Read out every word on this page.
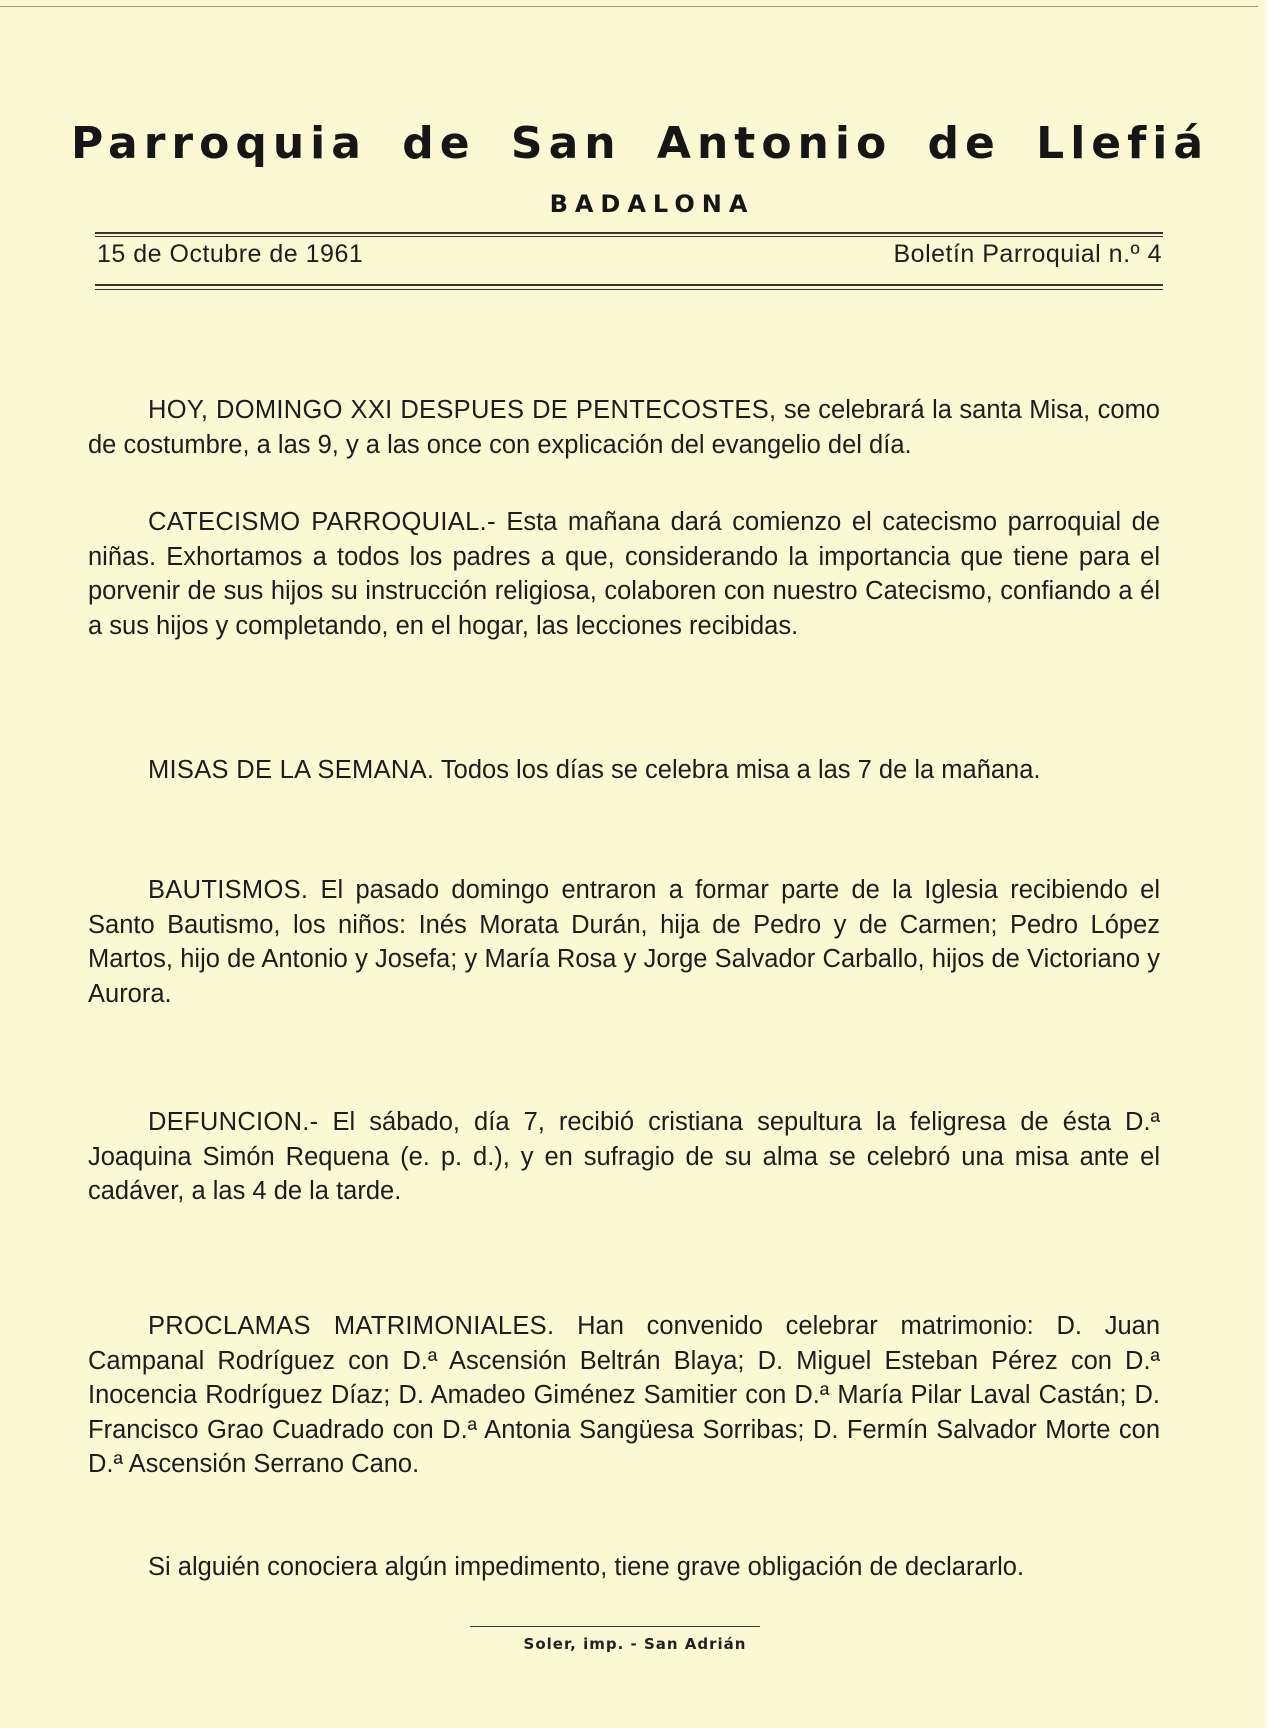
Parroquia de San Antonio de Llefiá
BADALONA
15 de Octubre de 1961	Boletín Parroquial n.º 4

HOY, DOMINGO XXI DESPUES DE PENTECOSTES, se celebrará la santa Misa, como de costumbre, a las 9, y a las once con explicación del evangelio del día.

CATECISMO PARROQUIAL.- Esta mañana dará comienzo el catecismo parroquial de niñas. Exhortamos a todos los padres a que, considerando la importancia que tiene para el porvenir de sus hijos su instrucción religiosa, colaboren con nuestro Catecismo, confiando a él a sus hijos y completando, en el hogar, las lecciones recibidas.

MISAS DE LA SEMANA. Todos los días se celebra misa a las 7 de la mañana.

BAUTISMOS. El pasado domingo entraron a formar parte de la Iglesia recibiendo el Santo Bautismo, los niños: Inés Morata Durán, hija de Pedro y de Carmen; Pedro López Martos, hijo de Antonio y Josefa; y María Rosa y Jorge Salvador Carballo, hijos de Victoriano y Aurora.

DEFUNCION.- El sábado, día 7, recibió cristiana sepultura la feligresa de ésta D.ª Joaquina Simón Requena (e. p. d.), y en sufragio de su alma se celebró una misa ante el cadáver, a las 4 de la tarde.

PROCLAMAS MATRIMONIALES. Han convenido celebrar matrimonio: D. Juan Campanal Rodríguez con D.ª Ascensión Beltrán Blaya; D. Miguel Esteban Pérez con D.ª Inocencia Rodríguez Díaz; D. Amadeo Giménez Samitier con D.ª María Pilar Laval Castán; D. Francisco Grao Cuadrado con D.ª Antonia Sangüesa Sorribas; D. Fermín Salvador Morte con D.ª Ascensión Serrano Cano.

Si alguién conociera algún impedimento, tiene grave obligación de declararlo.

Soler, imp. - San Adrián
